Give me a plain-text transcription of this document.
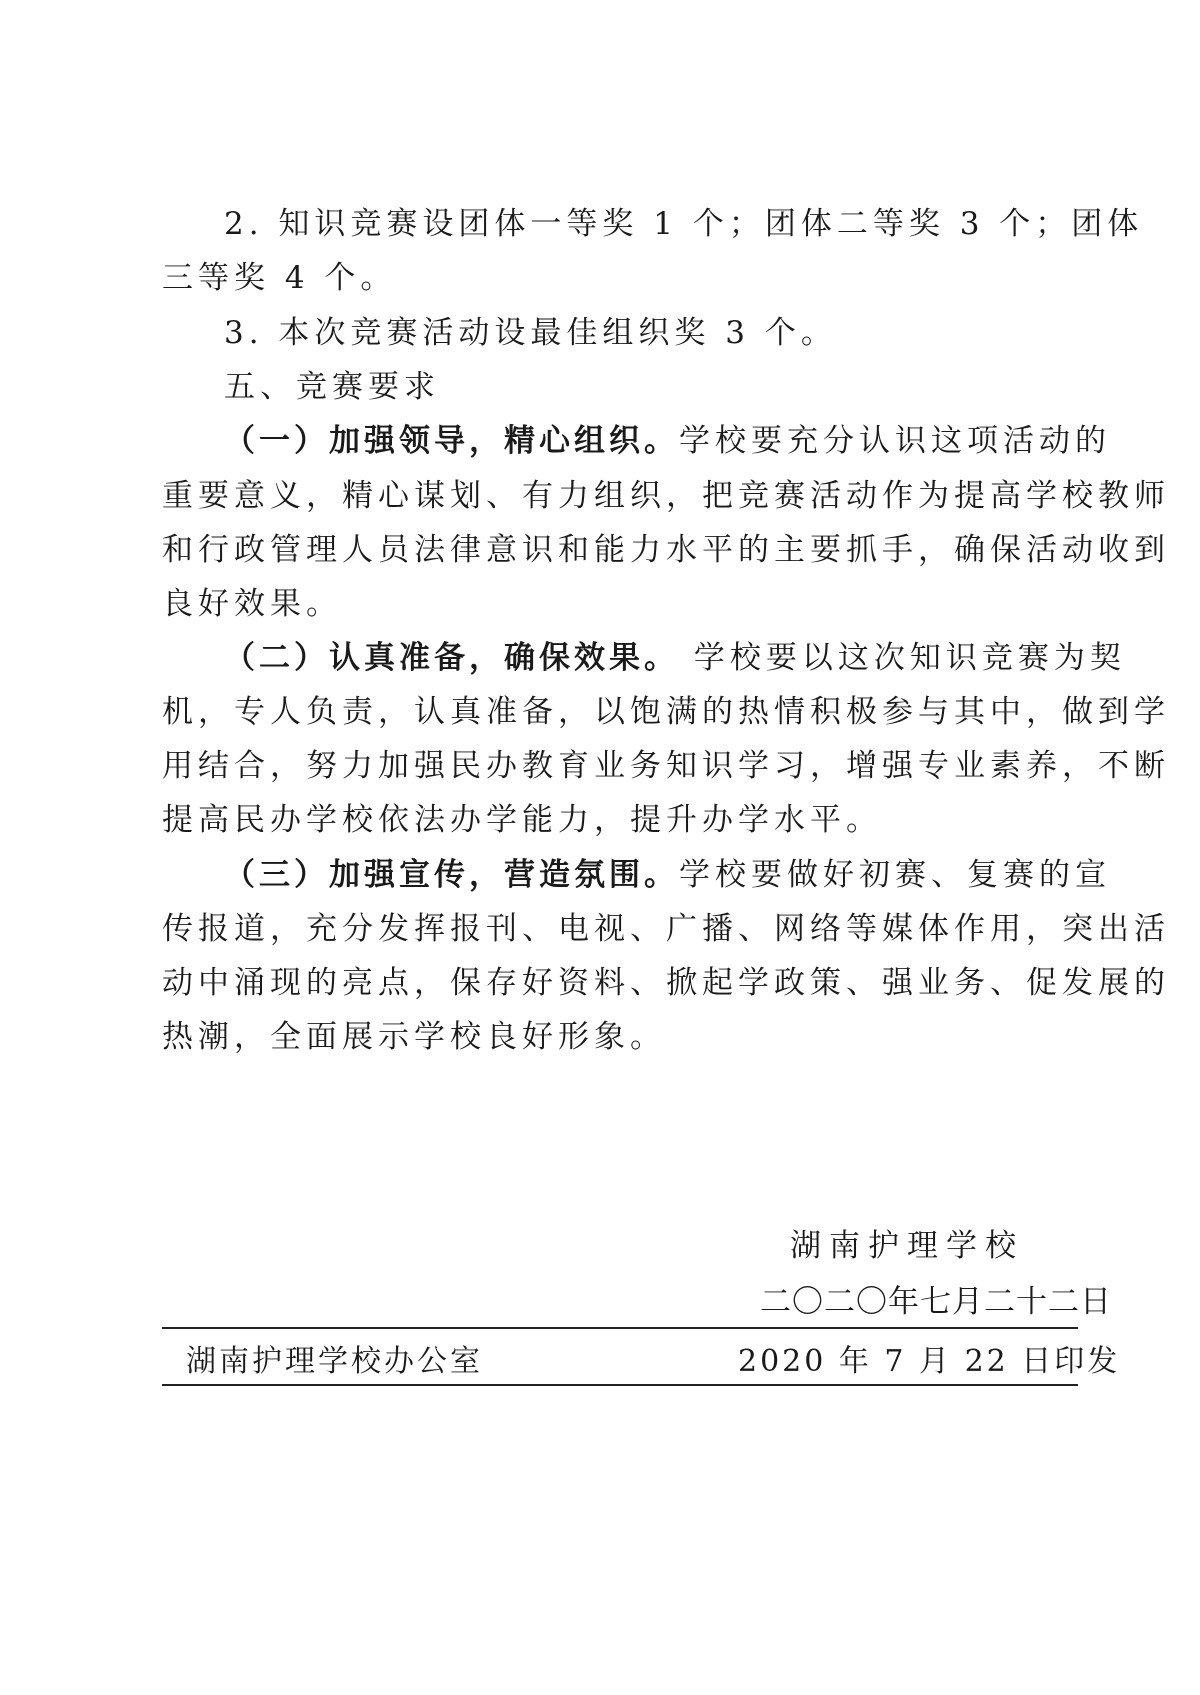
2. 知识竞赛设团体一等奖 1 个；团体二等奖 3 个；团体
三等奖 4 个。
3. 本次竞赛活动设最佳组织奖 3 个。
五、竞赛要求
（一）加强领导，精心组织。学校要充分认识这项活动的
重要意义，精心谋划、有力组织，把竞赛活动作为提高学校教师
和行政管理人员法律意识和能力水平的主要抓手，确保活动收到
良好效果。
（二）认真准备，确保效果。 学校要以这次知识竞赛为契
机，专人负责，认真准备，以饱满的热情积极参与其中，做到学
用结合，努力加强民办教育业务知识学习，增强专业素养，不断
提高民办学校依法办学能力，提升办学水平。
（三）加强宣传，营造氛围。学校要做好初赛、复赛的宣
传报道，充分发挥报刊、电视、广播、网络等媒体作用，突出活
动中涌现的亮点，保存好资料、掀起学政策、强业务、促发展的
热潮，全面展示学校良好形象。
湖南护理学校
二〇二〇年七月二十二日
湖南护理学校办公室	2020 年 7 月 22 日印发
